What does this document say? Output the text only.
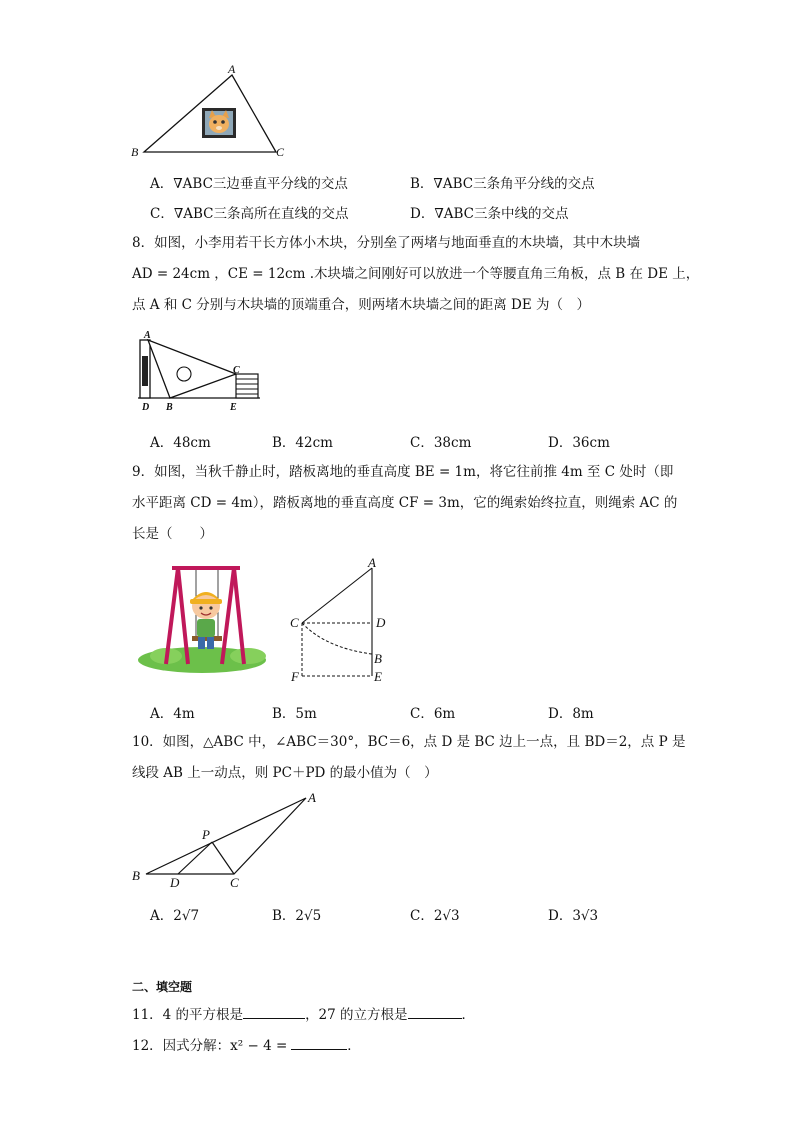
A
B	C
A．∇ABC三边垂直平分线的交点	B．∇ABC三条角平分线的交点
C．∇ABC三条高所在直线的交点	D．∇ABC三条中线的交点
8．如图，小李用若干长方体小木块，分别垒了两堵与地面垂直的木块墙，其中木块墙
AD = 24cm ，CE = 12cm .木块墙之间刚好可以放进一个等腰直角三角板，点 B 在 DE 上，
点 A 和 C 分别与木块墙的顶端重合，则两堵木块墙之间的距离 DE 为（　）
A
C
D B	E
A．48cm	B．42cm	C．38cm	D．36cm
9．如图，当秋千静止时，踏板离地的垂直高度 BE = 1m，将它往前推 4m 至 C 处时（即
水平距离 CD = 4m），踏板离地的垂直高度 CF = 3m，它的绳索始终拉直，则绳索 AC 的
长是（　　）
A
C	D
B
F	E
A．4m	B．5m	C．6m	D．8m
10．如图，△ABC 中，∠ABC＝30°，BC＝6，点 D 是 BC 边上一点，且 BD＝2，点 P 是
线段 AB 上一动点，则 PC＋PD 的最小值为（　）
A
P
B D	C
A．2√7	B．2√5	C．2√3	D．3√3
二、填空题
11．4 的平方根是	，27 的立方根是	．
12．因式分解：x² − 4 =	．
